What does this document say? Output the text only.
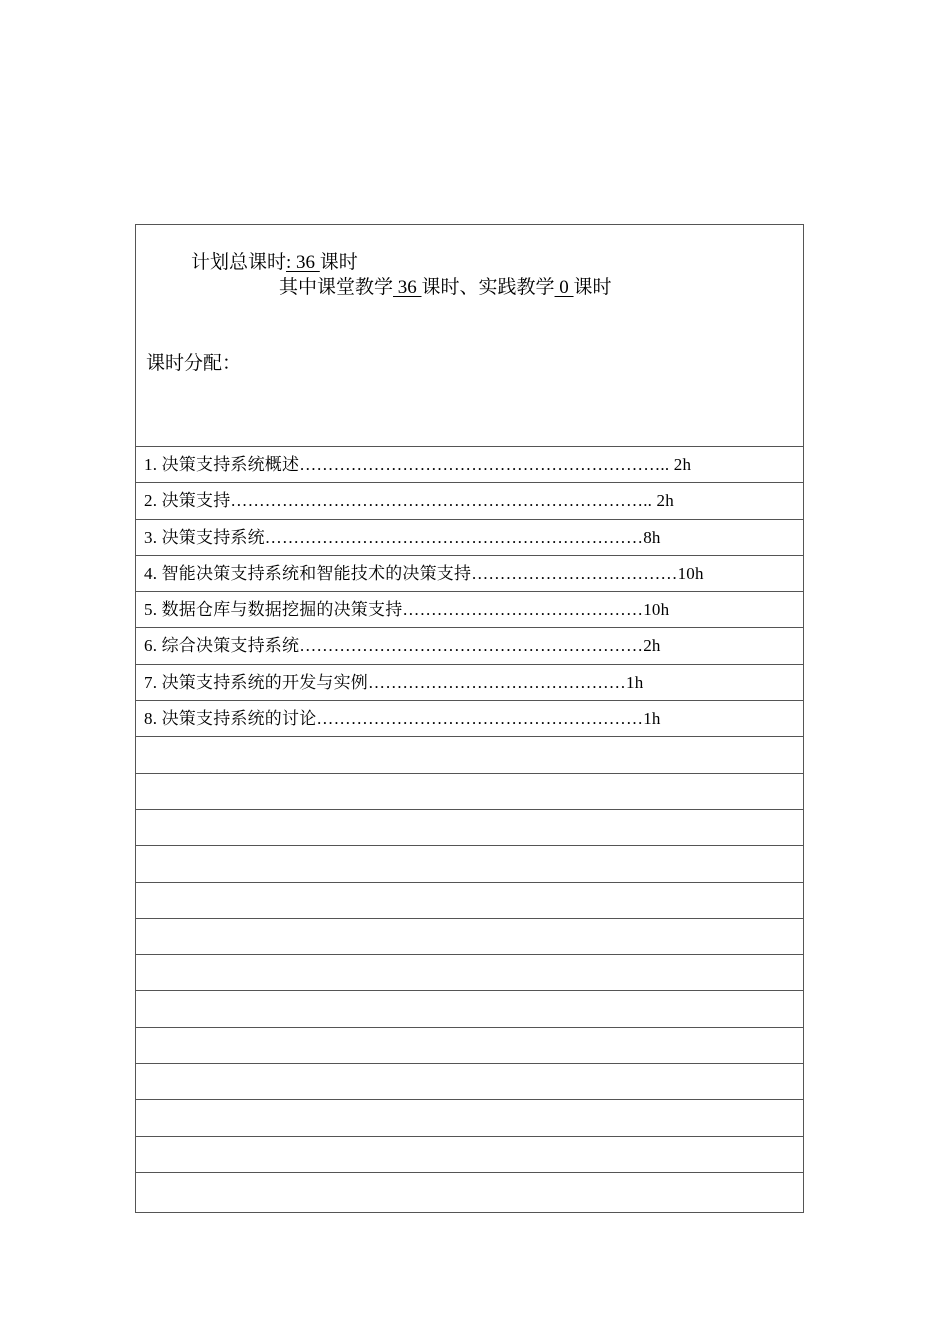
计划总课时: 36 课时
其中课堂教学 36 课时、实践教学 0 课时
课时分配：
1. 决策支持系统概述……………………………………………………….. 2h
2. 决策支持……………………………………………………………….. 2h
3. 决策支持系统…………………………………………………………8h
4. 智能决策支持系统和智能技术的决策支持………………………………10h
5. 数据仓库与数据挖掘的决策支持……………………………………10h
6. 综合决策支持系统……………………………………………………2h
7. 决策支持系统的开发与实例………………………………………1h
8. 决策支持系统的讨论…………………………………………………1h
